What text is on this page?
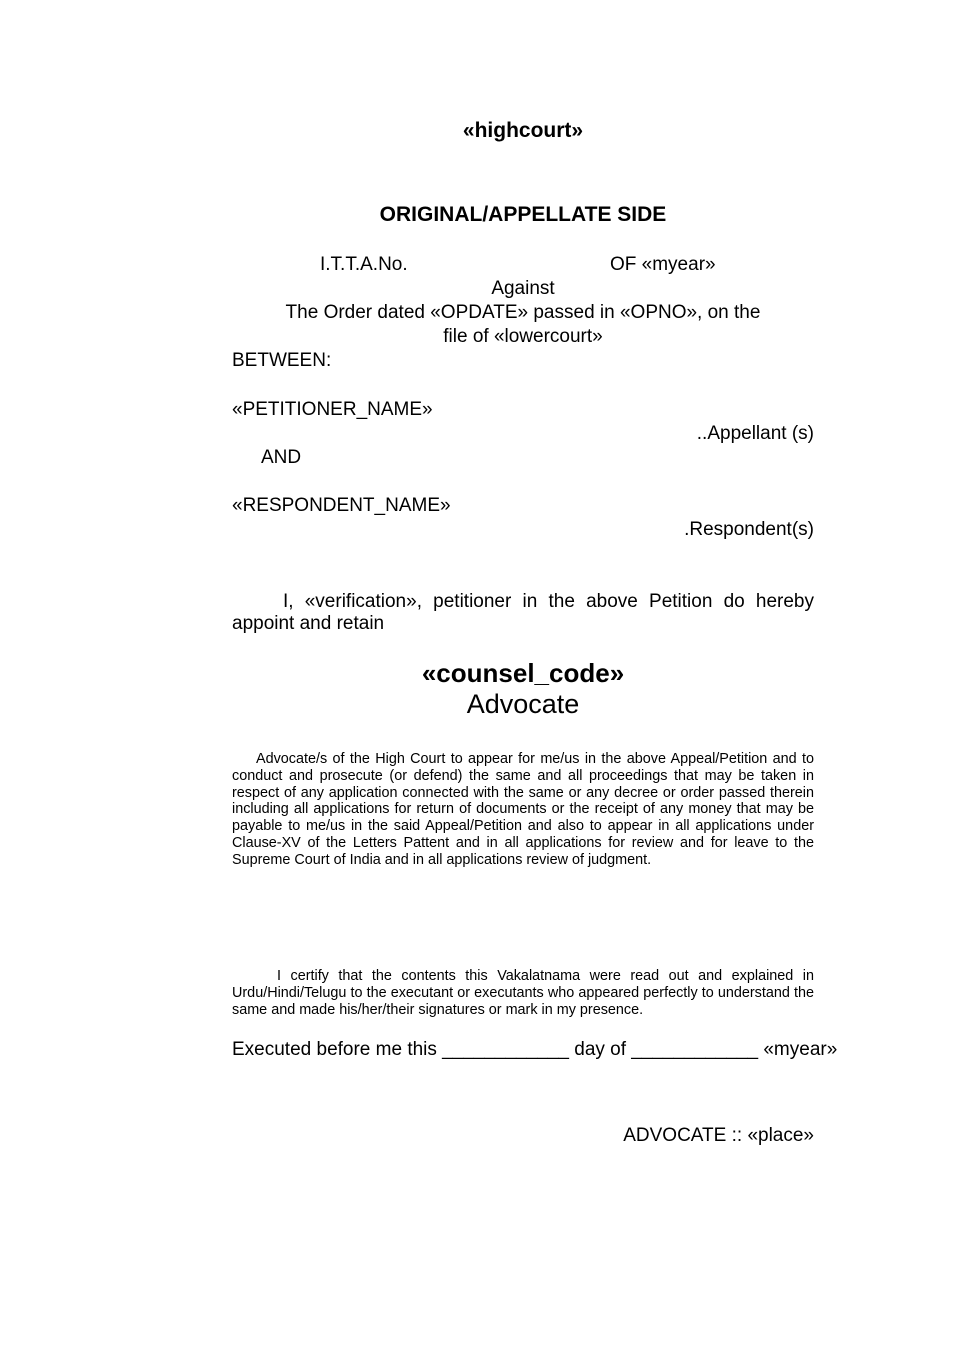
«highcourt»
ORIGINAL/APPELLATE SIDE
I.T.T.A.No.	OF «myear»
Against
The Order dated «OPDATE» passed in «OPNO», on the
file of «lowercourt»
BETWEEN:
«PETITIONER_NAME»
..Appellant (s)
AND
«RESPONDENT_NAME»
.Respondent(s)
I, «verification», petitioner in the above Petition do hereby appoint and retain
«counsel_code»
Advocate
Advocate/s of the High Court to appear for me/us in the above Appeal/Petition and to conduct and prosecute (or defend) the same and all proceedings that may be taken in respect of any application connected with the same or any decree or order passed therein including all applications for return of documents or the receipt of any money that may be payable to me/us in the said Appeal/Petition and also to appear in all applications under Clause-XV of the Letters Pattent and in all applications for review and for leave to the Supreme Court of India and in all applications review of judgment.
I certify that the contents this Vakalatnama were read out and explained in Urdu/Hindi/Telugu to the executant or executants who appeared perfectly to understand the same and made his/her/their signatures or mark in my presence.
Executed before me this ____________ day of ____________ «myear»
ADVOCATE :: «place»
